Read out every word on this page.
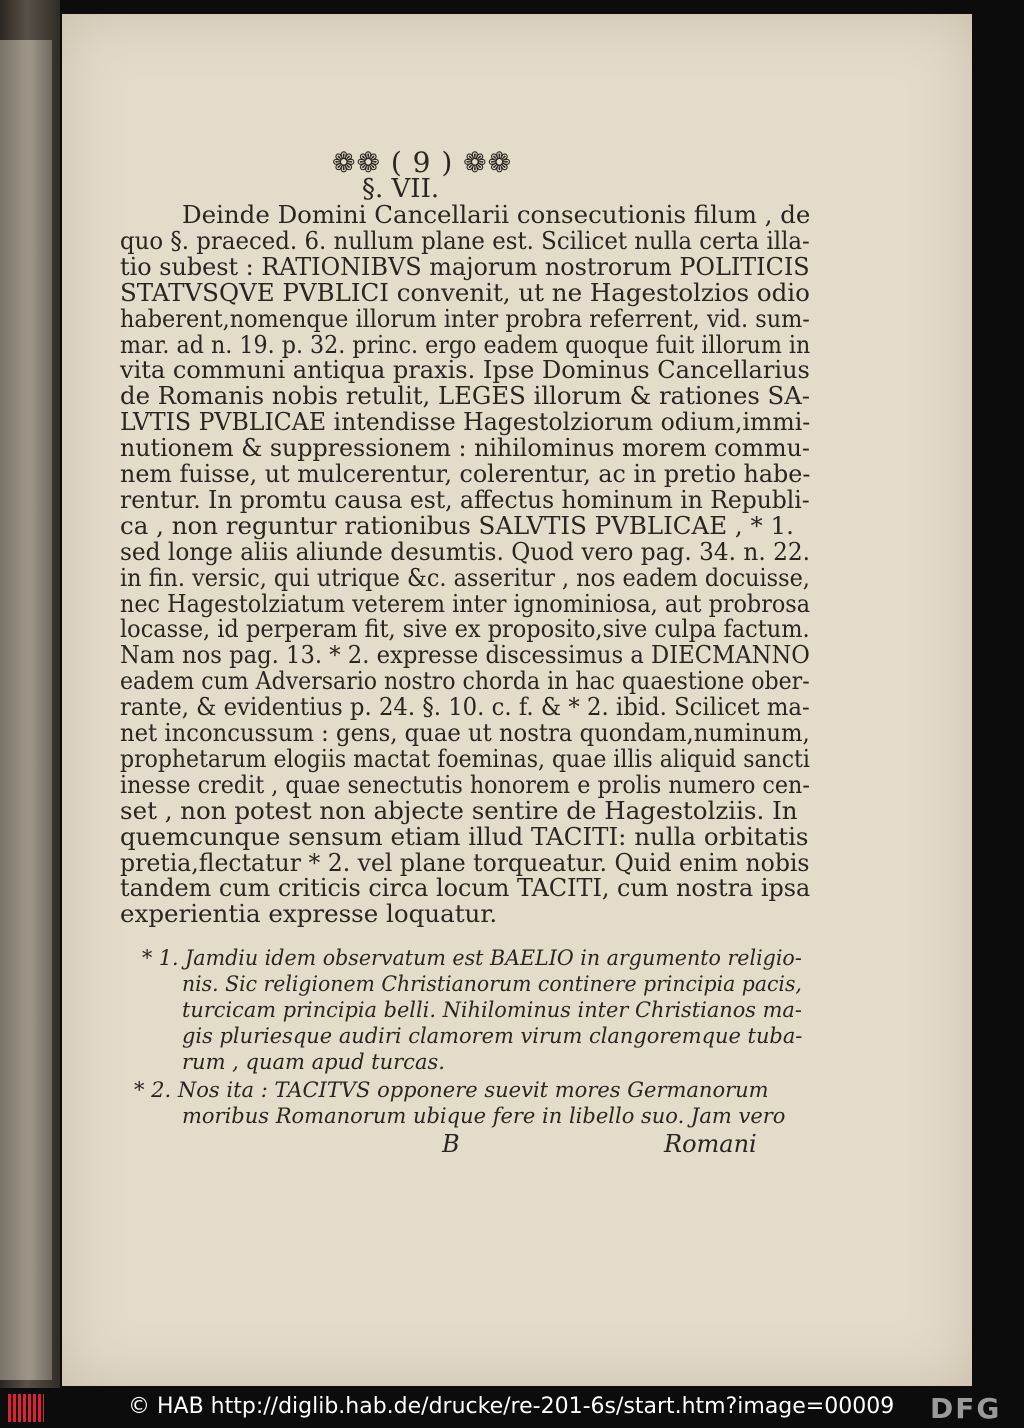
❁❁ ( 9 ) ❁❁
§. VII.
Deinde Domini Cancellarii consecutionis filum , de
quo §. praeced. 6. nullum plane est. Scilicet nulla certa illa-
tio subest : RATIONIBVS majorum nostrorum POLITICIS
STATVSQVE PVBLICI convenit, ut ne Hagestolzios odio
haberent,nomenque illorum inter probra referrent, vid. sum-
mar. ad n. 19. p. 32. princ. ergo eadem quoque fuit illorum in
vita communi antiqua praxis. Ipse Dominus Cancellarius
de Romanis nobis retulit, LEGES illorum & rationes SA-
LVTIS PVBLICAE intendisse Hagestolziorum odium,immi-
nutionem & suppressionem : nihilominus morem commu-
nem fuisse, ut mulcerentur, colerentur, ac in pretio habe-
rentur. In promtu causa est, affectus hominum in Republi-
ca , non reguntur rationibus SALVTIS PVBLICAE , * 1.
sed longe aliis aliunde desumtis. Quod vero pag. 34. n. 22.
in fin. versic, qui utrique &c. asseritur , nos eadem docuisse,
nec Hagestolziatum veterem inter ignominiosa, aut probrosa
locasse, id perperam fit, sive ex proposito,sive culpa factum.
Nam nos pag. 13. * 2. expresse discessimus a DIECMANNO
eadem cum Adversario nostro chorda in hac quaestione ober-
rante, & evidentius p. 24. §. 10. c. f. & * 2. ibid. Scilicet ma-
net inconcussum : gens, quae ut nostra quondam,numinum,
prophetarum elogiis mactat foeminas, quae illis aliquid sancti
inesse credit , quae senectutis honorem e prolis numero cen-
set , non potest non abjecte sentire de Hagestolziis. In
quemcunque sensum etiam illud TACITI: nulla orbitatis
pretia,flectatur * 2. vel plane torqueatur. Quid enim nobis
tandem cum criticis circa locum TACITI, cum nostra ipsa
experientia expresse loquatur.
* 1. Jamdiu idem observatum est BAELIO in argumento religio-
nis. Sic religionem Christianorum continere principia pacis,
turcicam principia belli. Nihilominus inter Christianos ma-
gis pluriesque audiri clamorem virum clangoremque tuba-
rum , quam apud turcas.
* 2. Nos ita : TACITVS opponere suevit mores Germanorum
moribus Romanorum ubique fere in libello suo. Jam vero
B	Romani
© HAB http://diglib.hab.de/drucke/re-201-6s/start.htm?image=00009 DFG
